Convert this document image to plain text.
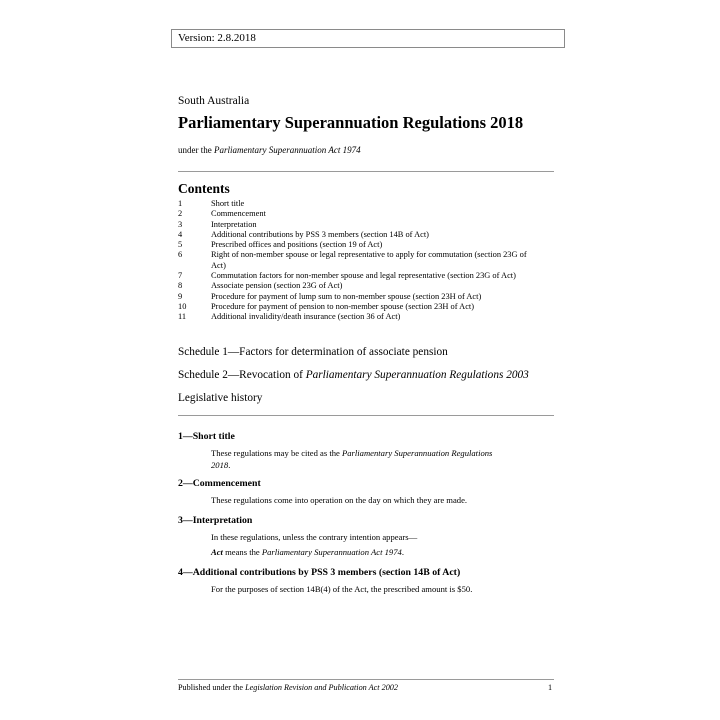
Version: 2.8.2018
South Australia
Parliamentary Superannuation Regulations 2018
under the Parliamentary Superannuation Act 1974
Contents
1	Short title
2	Commencement
3	Interpretation
4	Additional contributions by PSS 3 members (section 14B of Act)
5	Prescribed offices and positions (section 19 of Act)
6	Right of non-member spouse or legal representative to apply for commutation (section 23G of Act)
7	Commutation factors for non-member spouse and legal representative (section 23G of Act)
8	Associate pension (section 23G of Act)
9	Procedure for payment of lump sum to non-member spouse (section 23H of Act)
10	Procedure for payment of pension to non-member spouse (section 23H of Act)
11	Additional invalidity/death insurance (section 36 of Act)
Schedule 1—Factors for determination of associate pension
Schedule 2—Revocation of Parliamentary Superannuation Regulations 2003
Legislative history
1—Short title
These regulations may be cited as the Parliamentary Superannuation Regulations 2018.
2—Commencement
These regulations come into operation on the day on which they are made.
3—Interpretation
In these regulations, unless the contrary intention appears—
Act means the Parliamentary Superannuation Act 1974.
4—Additional contributions by PSS 3 members (section 14B of Act)
For the purposes of section 14B(4) of the Act, the prescribed amount is $50.
Published under the Legislation Revision and Publication Act 2002	1
